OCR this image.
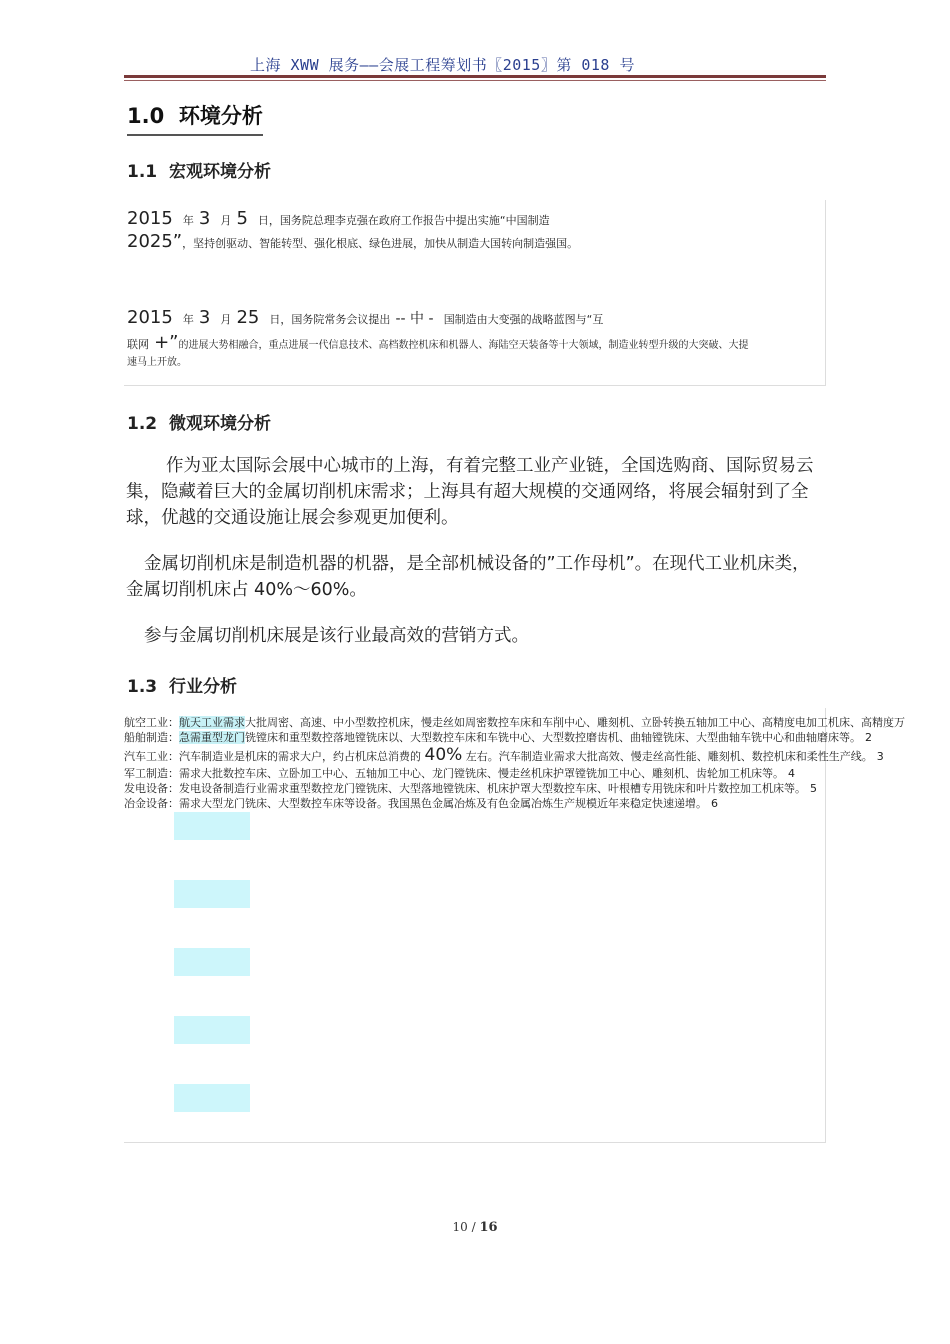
上海 XWW 展务——会展工程筹划书〖2015〗第 018 号
1.0 环境分析
1.1 宏观环境分析
2015 年 3 月 5 日，国务院总理李克强在政府工作报告中提出实施“中国制造
2025”，坚持创驱动、智能转型、强化根底、绿色进展，加快从制造大国转向制造强国。
2015 年 3 月 25 日，国务院常务会议提出 -- 中 - 国制造由大变强的战略蓝图与“互
联网 +”的进展大势相融合，重点进展一代信息技术、高档数控机床和机器人、海陆空天装备等十大领域，制造业转型升级的大突破、大提
速马上开放。
1.2 微观环境分析
作为亚太国际会展中心城市的上海，有着完整工业产业链，全国选购商、国际贸易云集，隐藏着巨大的金属切削机床需求；上海具有超大规模的交通网络，将展会辐射到了全球，优越的交通设施让展会参观更加便利。
金属切削机床是制造机器的机器，是全部机械设备的”工作母机”。在现代工业机床类，金属切削机床占 40%～60%。
参与金属切削机床展是该行业最高效的营销方式。
1.3 行业分析
航空工业：航天工业需求大批周密、高速、中小型数控机床，慢走丝如周密数控车床和车削中心、雕刻机、立卧转换五轴加工中心、高精度电加工机床、高精度万
船舶制造：急需重型龙门铣镗床和重型数控落地镗铣床以、大型数控车床和车铣中心、大型数控磨齿机、曲轴镗铣床、大型曲轴车铣中心和曲轴磨床等。 2
汽车工业：汽车制造业是机床的需求大户，约占机床总消费的 40% 左右。汽车制造业需求大批高效、慢走丝高性能、雕刻机、数控机床和柔性生产线。 3
军工制造：需求大批数控车床、立卧加工中心、五轴加工中心、龙门镗铣床、慢走丝机床护罩镗铣加工中心、雕刻机、齿轮加工机床等。 4
发电设备：发电设备制造行业需求重型数控龙门镗铣床、大型落地镗铣床、机床护罩大型数控车床、叶根槽专用铣床和叶片数控加工机床等。 5
冶金设备：需求大型龙门铣床、大型数控车床等设备。我国黑色金属冶炼及有色金属冶炼生产规模近年来稳定快速递增。 6
10 / 16
